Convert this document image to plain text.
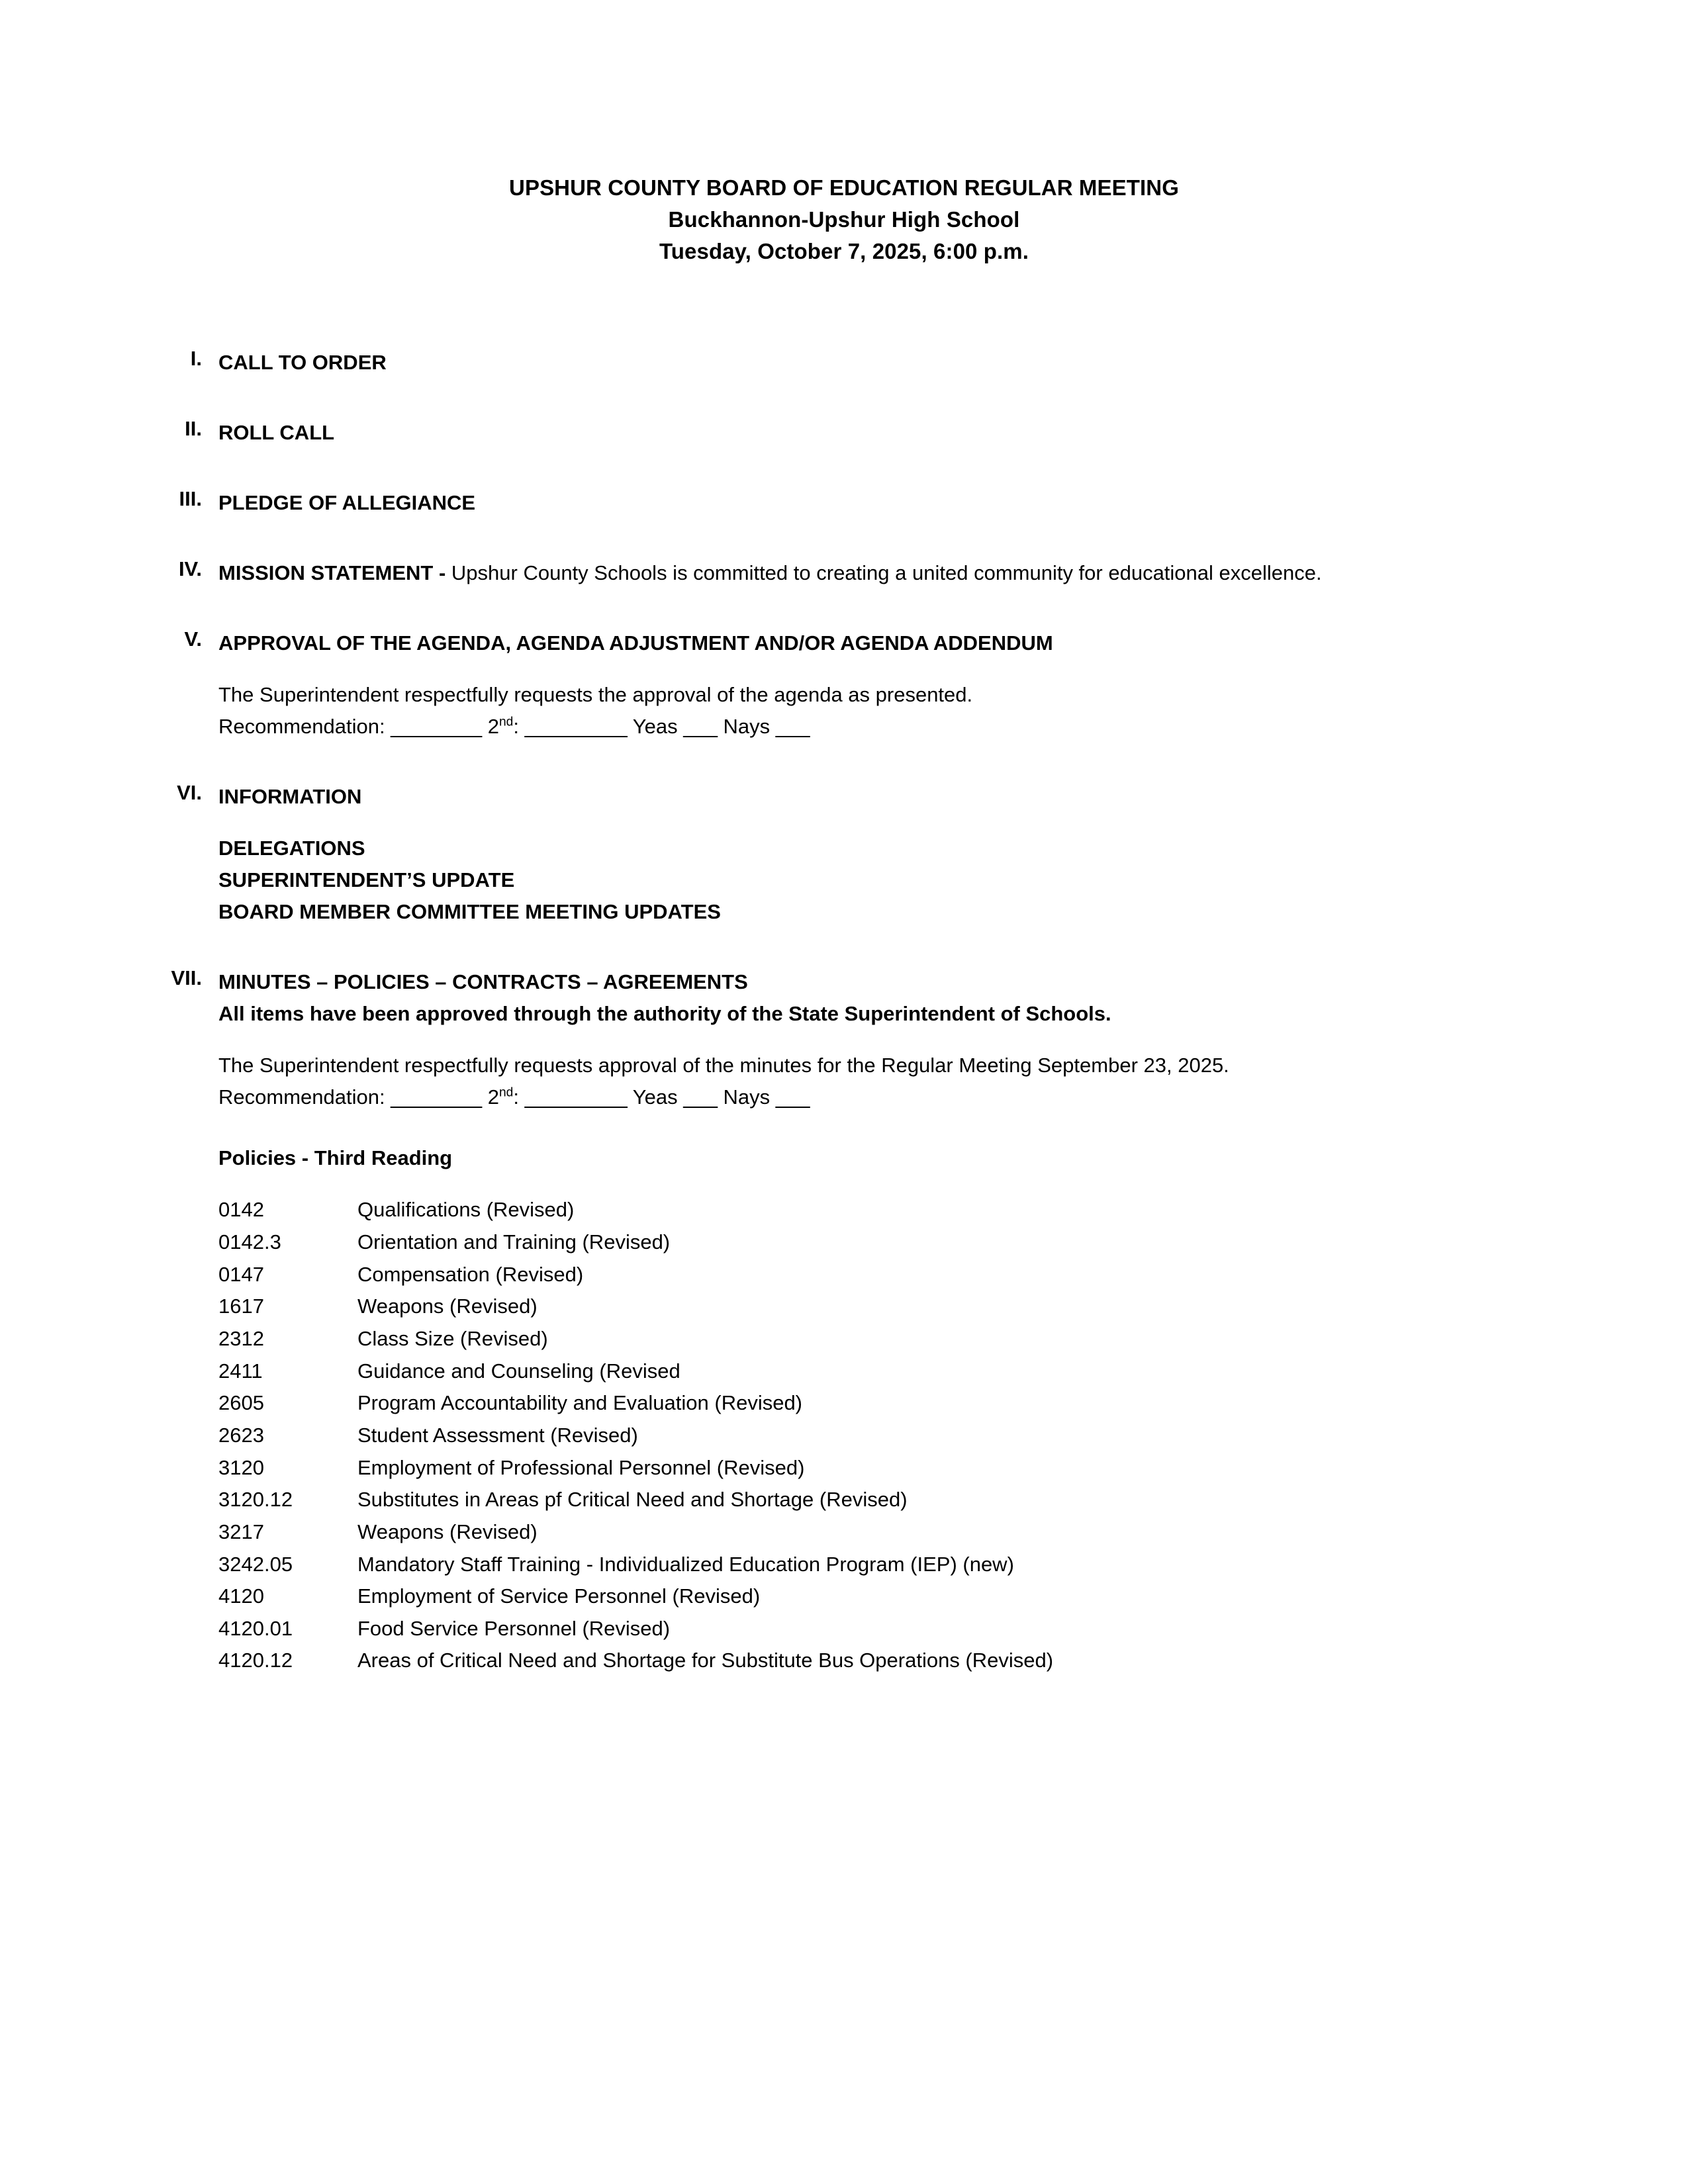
UPSHUR COUNTY BOARD OF EDUCATION REGULAR MEETING
Buckhannon-Upshur High School
Tuesday, October 7, 2025, 6:00 p.m.
I. CALL TO ORDER
II. ROLL CALL
III. PLEDGE OF ALLEGIANCE
IV. MISSION STATEMENT - Upshur County Schools is committed to creating a united community for educational excellence.
V. APPROVAL OF THE AGENDA, AGENDA ADJUSTMENT AND/OR AGENDA ADDENDUM

The Superintendent respectfully requests the approval of the agenda as presented.

Recommendation: ________ 2nd: _________ Yeas ___ Nays ___

VI. INFORMATION

DELEGATIONS

SUPERINTENDENT’S UPDATE

BOARD MEMBER COMMITTEE MEETING UPDATES

VII. MINUTES – POLICIES – CONTRACTS – AGREEMENTS

All items have been approved through the authority of the State Superintendent of Schools.

The Superintendent respectfully requests approval of the minutes for the Regular Meeting September 23, 2025.

Recommendation: ________ 2nd: _________ Yeas ___ Nays ___

Policies - Third Reading

0142	Qualifications (Revised)
0142.3	Orientation and Training (Revised)
0147	Compensation (Revised)
1617	Weapons (Revised)
2312	Class Size (Revised)
2411	Guidance and Counseling (Revised
2605	Program Accountability and Evaluation (Revised)
2623	Student Assessment (Revised)
3120	Employment of Professional Personnel (Revised)
3120.12	Substitutes in Areas pf Critical Need and Shortage (Revised)
3217	Weapons (Revised)
3242.05	Mandatory Staff Training - Individualized Education Program (IEP) (new)
4120	Employment of Service Personnel (Revised)
4120.01	Food Service Personnel (Revised)
4120.12	Areas of Critical Need and Shortage for Substitute Bus Operations (Revised)
